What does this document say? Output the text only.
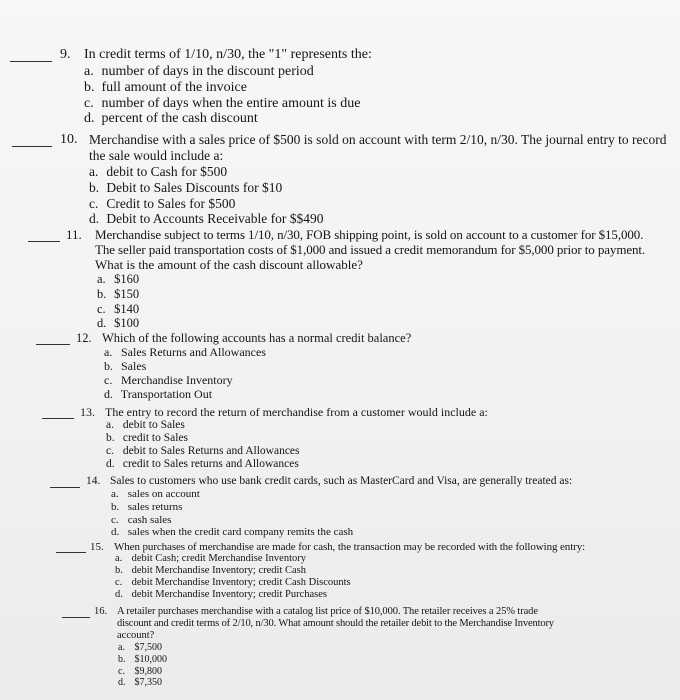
9. In credit terms of 1/10, n/30, the "1" represents the:
a. number of days in the discount period
b. full amount of the invoice
c. number of days when the entire amount is due
d. percent of the cash discount
10. Merchandise with a sales price of $500 is sold on account with term 2/10, n/30. The journal entry to record
the sale would include a:
a. debit to Cash for $500
b. Debit to Sales Discounts for $10
c. Credit to Sales for $500
d. Debit to Accounts Receivable for $$490
11. Merchandise subject to terms 1/10, n/30, FOB shipping point, is sold on account to a customer for $15,000.
The seller paid transportation costs of $1,000 and issued a credit memorandum for $5,000 prior to payment.
What is the amount of the cash discount allowable?
a. $160
b. $150
c. $140
d. $100
12. Which of the following accounts has a normal credit balance?
a. Sales Returns and Allowances
b. Sales
c. Merchandise Inventory
d. Transportation Out
13. The entry to record the return of merchandise from a customer would include a:
a. debit to Sales
b. credit to Sales
c. debit to Sales Returns and Allowances
d. credit to Sales returns and Allowances
14. Sales to customers who use bank credit cards, such as MasterCard and Visa, are generally treated as:
a. sales on account
b. sales returns
c. cash sales
d. sales when the credit card company remits the cash
15. When purchases of merchandise are made for cash, the transaction may be recorded with the following entry:
a. debit Cash; credit Merchandise Inventory
b. debit Merchandise Inventory; credit Cash
c. debit Merchandise Inventory; credit Cash Discounts
d. debit Merchandise Inventory; credit Purchases
16. A retailer purchases merchandise with a catalog list price of $10,000. The retailer receives a 25% trade
discount and credit terms of 2/10, n/30. What amount should the retailer debit to the Merchandise Inventory
account?
a. $7,500
b. $10,000
c. $9,800
d. $7,350
